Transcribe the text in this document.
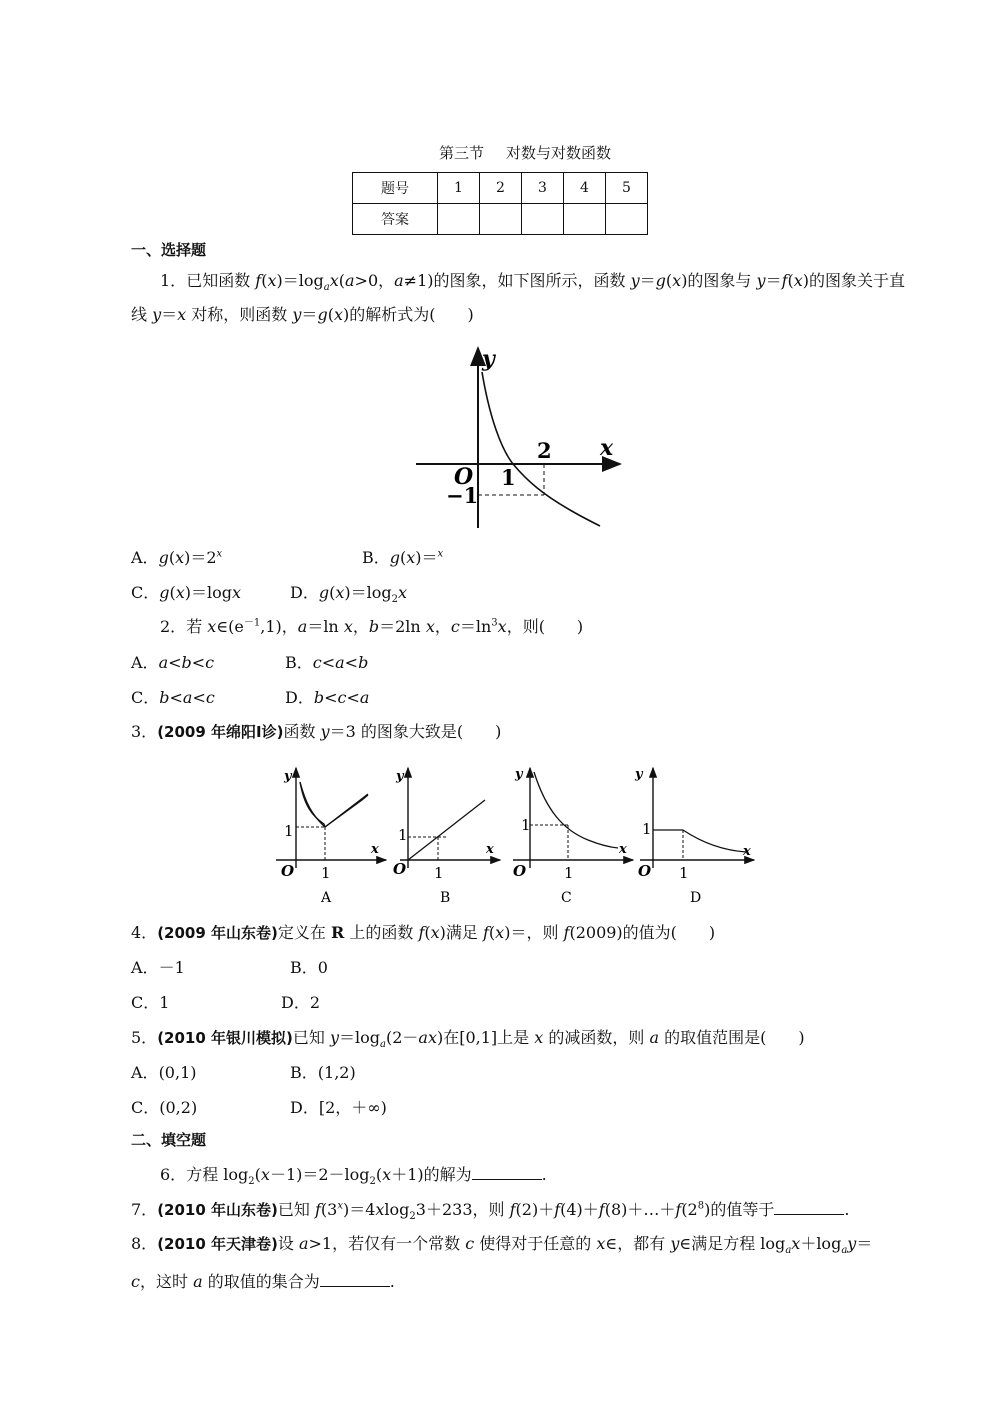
第三节 对数与对数函数
题号	1	2	3	4	5
答案					
一、选择题
1．已知函数 $f(x)=\log_ax(a>0$，a≠1)的图象，如下图所示，函数 y＝g(x)的图象与 y＝f(x)的图象关于直
线 y＝x 对称，则函数 y＝g(x)的解析式为(　　)
y
x
O 1
2
−1
A．$g(x)=2^x$	B．g(x)＝$^x$
C．g(x)＝logx	D．$g(x)=\log_2x$
2．若 $x\in(e^{-1},1)$，a＝ln x，b＝2ln x，$c=\ln^3x$，则(　　)
A．a<b<c	B．c<a<b
C．b<a<c	D．b<c<a
3．(2009 年绵阳Ⅰ诊)函数 y＝3 的图象大致是(　　)
y
x
O 1
1
A
y
x
O 1
1
B
y
x
O	1
1
C
y
x
O 1
1
D
4．(2009 年山东卷)定义在 R 上的函数 f(x)满足 f(x)＝，则 f(2009)的值为(　　)
A．－1	B．0
C．1	D．2
5．(2010 年银川模拟)已知 $y=\log_a(2-ax)$在[0,1]上是 x 的减函数，则 a 的取值范围是(　　)
A．(0,1)	B．(1,2)
C．(0,2)	D．[2，＋∞)
二、填空题
6．方程 $\log_2(x-1)=2-\log_2(x+1)$的解为	.
7．(2010 年山东卷)已知 $f(3^x)=4xlog_23+233$，则 $f(2)+f(4)+f(8)+\dots+f(2^8)$的值等于	.
8．(2010 年天津卷)设 a>1，若仅有一个常数 c 使得对于任意的 x∈，都有 y∈满足方程 $\log_ax+\log_ay=$
c，这时 a 的取值的集合为	.
